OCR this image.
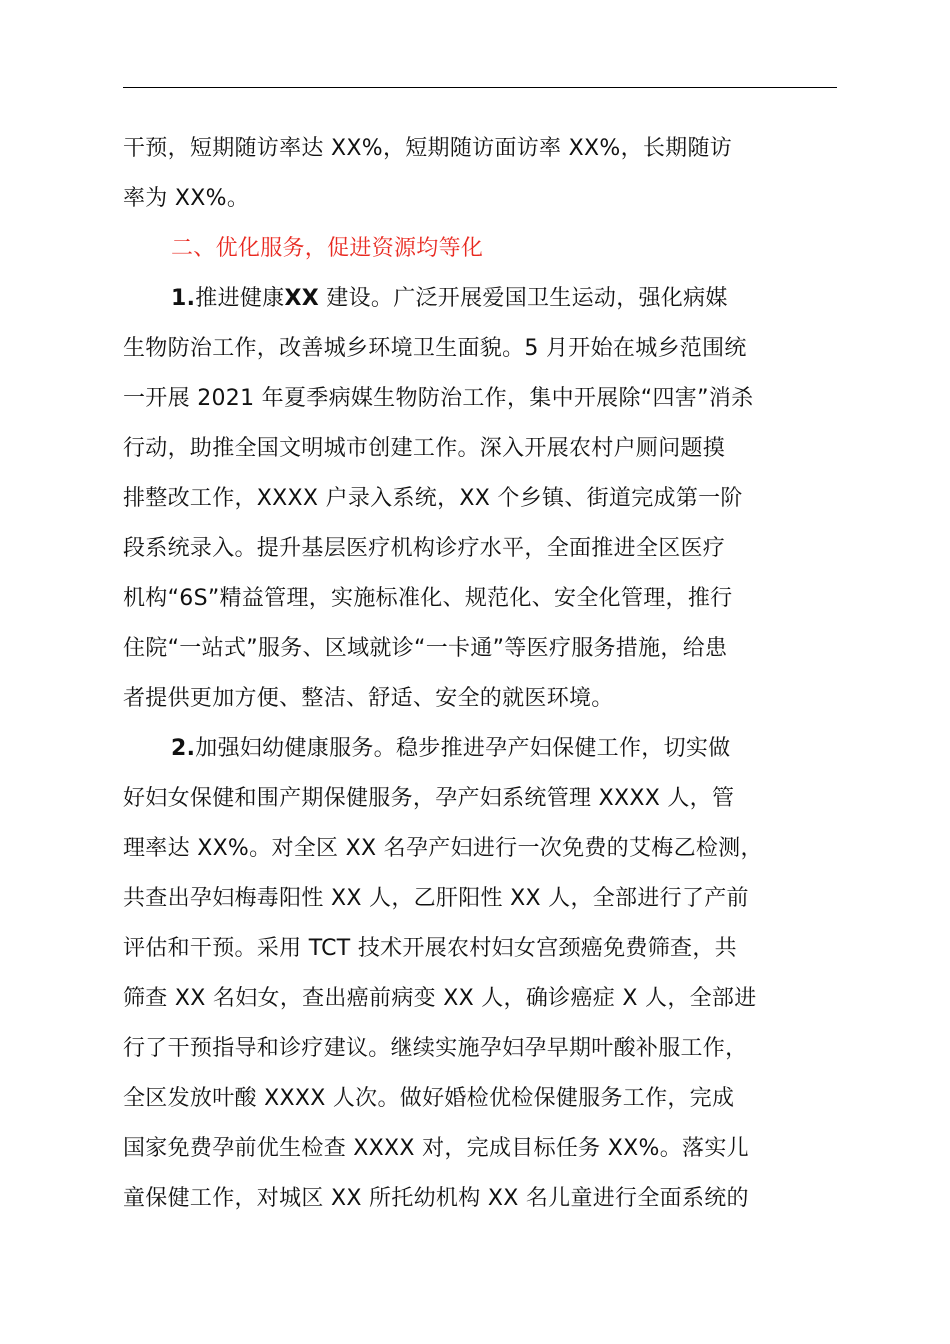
干预，短期随访率达 XX%，短期随访面访率 XX%，长期随访
率为 XX%。
二、优化服务，促进资源均等化
1.推进健康XX 建设。广泛开展爱国卫生运动，强化病媒
生物防治工作，改善城乡环境卫生面貌。5 月开始在城乡范围统
一开展 2021 年夏季病媒生物防治工作，集中开展除“四害”消杀
行动，助推全国文明城市创建工作。深入开展农村户厕问题摸
排整改工作，XXXX 户录入系统，XX 个乡镇、街道完成第一阶
段系统录入。提升基层医疗机构诊疗水平，全面推进全区医疗
机构“6S”精益管理，实施标准化、规范化、安全化管理，推行
住院“一站式”服务、区域就诊“一卡通”等医疗服务措施，给患
者提供更加方便、整洁、舒适、安全的就医环境。
2.加强妇幼健康服务。稳步推进孕产妇保健工作，切实做
好妇女保健和围产期保健服务，孕产妇系统管理 XXXX 人，管
理率达 XX%。对全区 XX 名孕产妇进行一次免费的艾梅乙检测，
共查出孕妇梅毒阳性 XX 人，乙肝阳性 XX 人，全部进行了产前
评估和干预。采用 TCT 技术开展农村妇女宫颈癌免费筛查，共
筛查 XX 名妇女，查出癌前病变 XX 人，确诊癌症 X 人，全部进
行了干预指导和诊疗建议。继续实施孕妇孕早期叶酸补服工作，
全区发放叶酸 XXXX 人次。做好婚检优检保健服务工作，完成
国家免费孕前优生检查 XXXX 对，完成目标任务 XX%。落实儿
童保健工作，对城区 XX 所托幼机构 XX 名儿童进行全面系统的
